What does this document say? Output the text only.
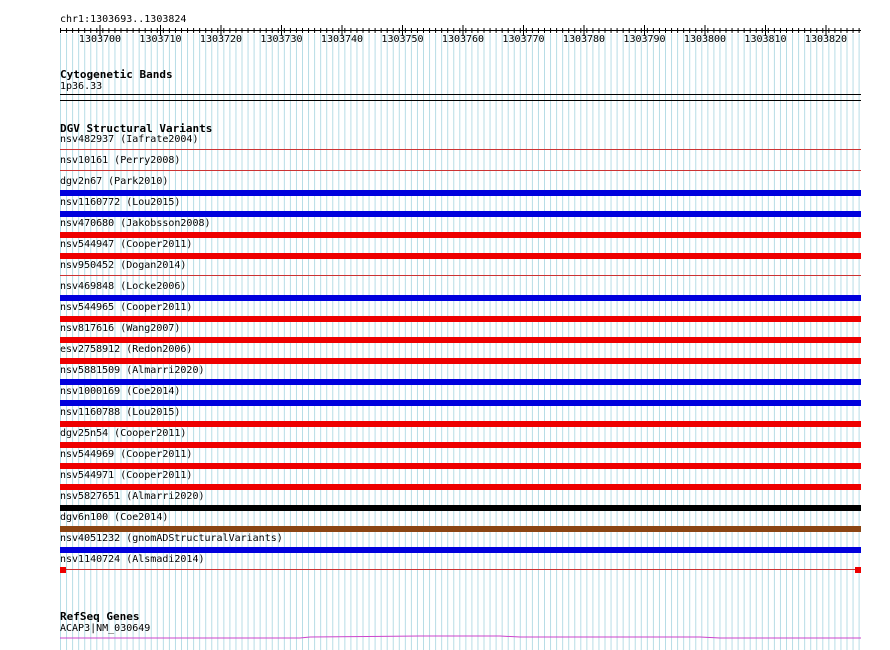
chr1:1303693..1303824
1303700 1303710 1303720 1303730 1303740 1303750 1303760 1303770 1303780 1303790 1303800 1303810 1303820
Cytogenetic Bands
1p36.33
DGV Structural Variants
nsv482937 (Iafrate2004)
nsv10161 (Perry2008)
dgv2n67 (Park2010)
nsv1160772 (Lou2015)
nsv470680 (Jakobsson2008)
nsv544947 (Cooper2011)
nsv950452 (Dogan2014)
nsv469848 (Locke2006)
nsv544965 (Cooper2011)
nsv817616 (Wang2007)
esv2758912 (Redon2006)
nsv5881509 (Almarri2020)
nsv1000169 (Coe2014)
nsv1160788 (Lou2015)
dgv25n54 (Cooper2011)
nsv544969 (Cooper2011)
nsv544971 (Cooper2011)
nsv5827651 (Almarri2020)
dgv6n100 (Coe2014)
nsv4051232 (gnomADStructuralVariants)
nsv1140724 (Alsmadi2014)
RefSeq Genes
ACAP3|NM_030649
